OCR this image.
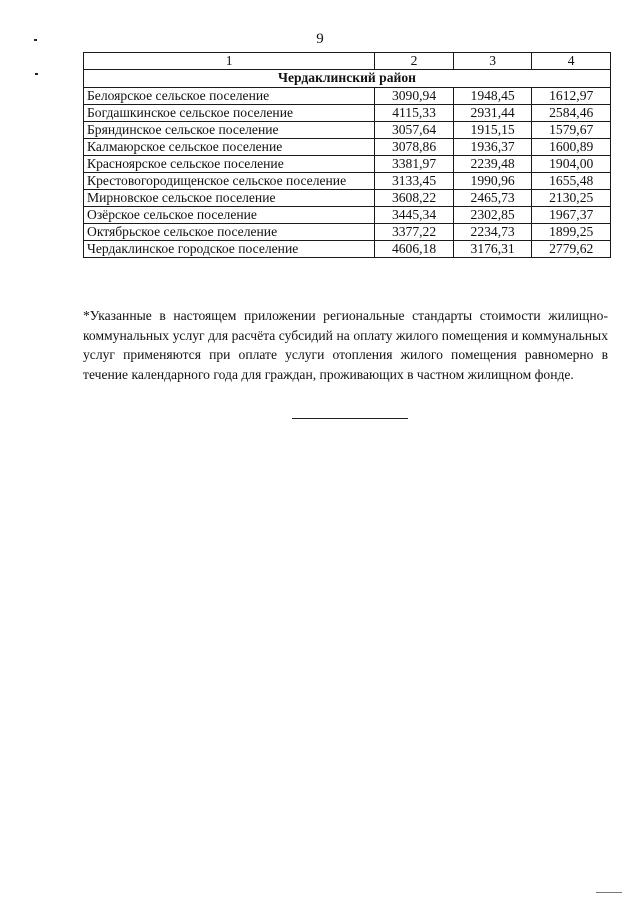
9
1	2	3	4
Чердаклинский район			
Белоярское сельское поселение	3090,94	1948,45	1612,97
Богдашкинское сельское поселение	4115,33	2931,44	2584,46
Бряндинское сельское поселение	3057,64	1915,15	1579,67
Калмаюрское сельское поселение	3078,86	1936,37	1600,89
Красноярское сельское поселение	3381,97	2239,48	1904,00
Крестовогородищенское сельское поселение	3133,45	1990,96	1655,48
Мирновское сельское поселение	3608,22	2465,73	2130,25
Озёрское сельское поселение	3445,34	2302,85	1967,37
Октябрьское сельское поселение	3377,22	2234,73	1899,25
Чердаклинское городское поселение	4606,18	3176,31	2779,62

*Указанные в настоящем приложении региональные стандарты стоимости жилищно-коммунальных услуг для расчёта субсидий на оплату жилого помещения и коммунальных услуг применяются при оплате услуги отопления жилого помещения равномерно в течение календарного года для граждан, проживающих в частном жилищном фонде.
